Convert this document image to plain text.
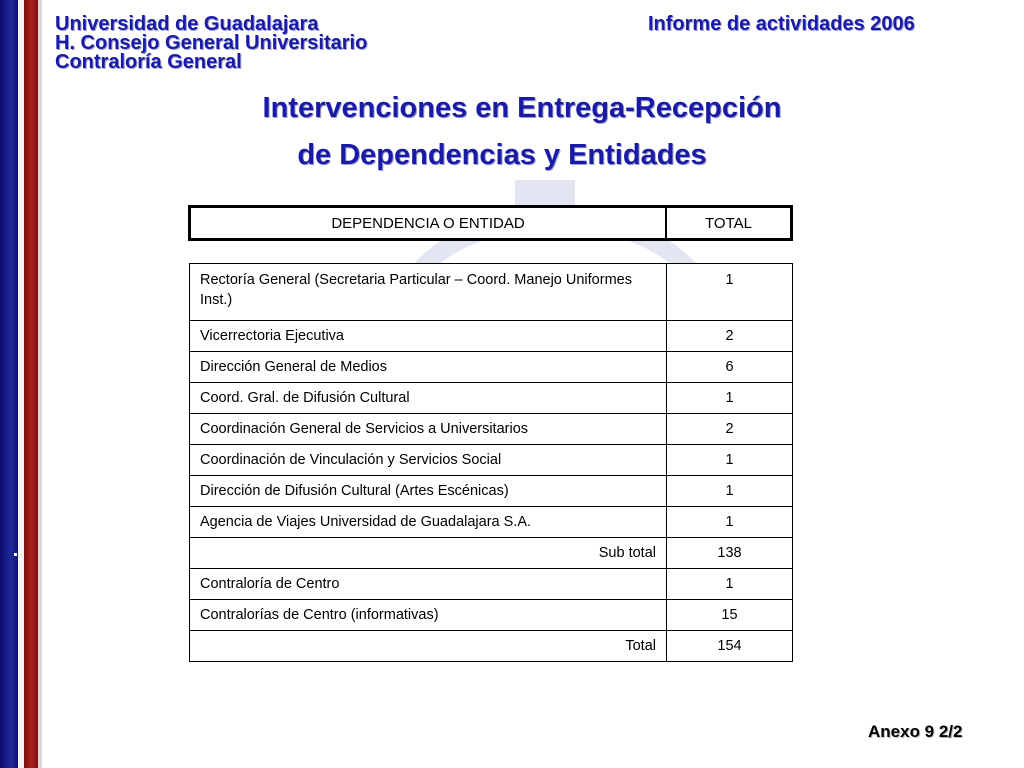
Universidad de Guadalajara
H. Consejo General Universitario
Contraloría General
Informe de actividades 2006
Intervenciones en Entrega-Recepción
de Dependencias y Entidades
DEPENDENCIA O ENTIDAD	TOTAL
Rectoría General (Secretaria Particular – Coord. Manejo Uniformes Inst.)	1
Vicerrectoria Ejecutiva	2
Dirección General de Medios	6
Coord. Gral. de Difusión Cultural	1
Coordinación General de Servicios a Universitarios	2
Coordinación de Vinculación y Servicios Social	1
Dirección de Difusión Cultural (Artes Escénicas)	1
Agencia de Viajes Universidad de Guadalajara S.A.	1
Sub total	138
Contraloría de Centro	1
Contralorías de Centro (informativas)	15
Total	154
Anexo 9 2/2
